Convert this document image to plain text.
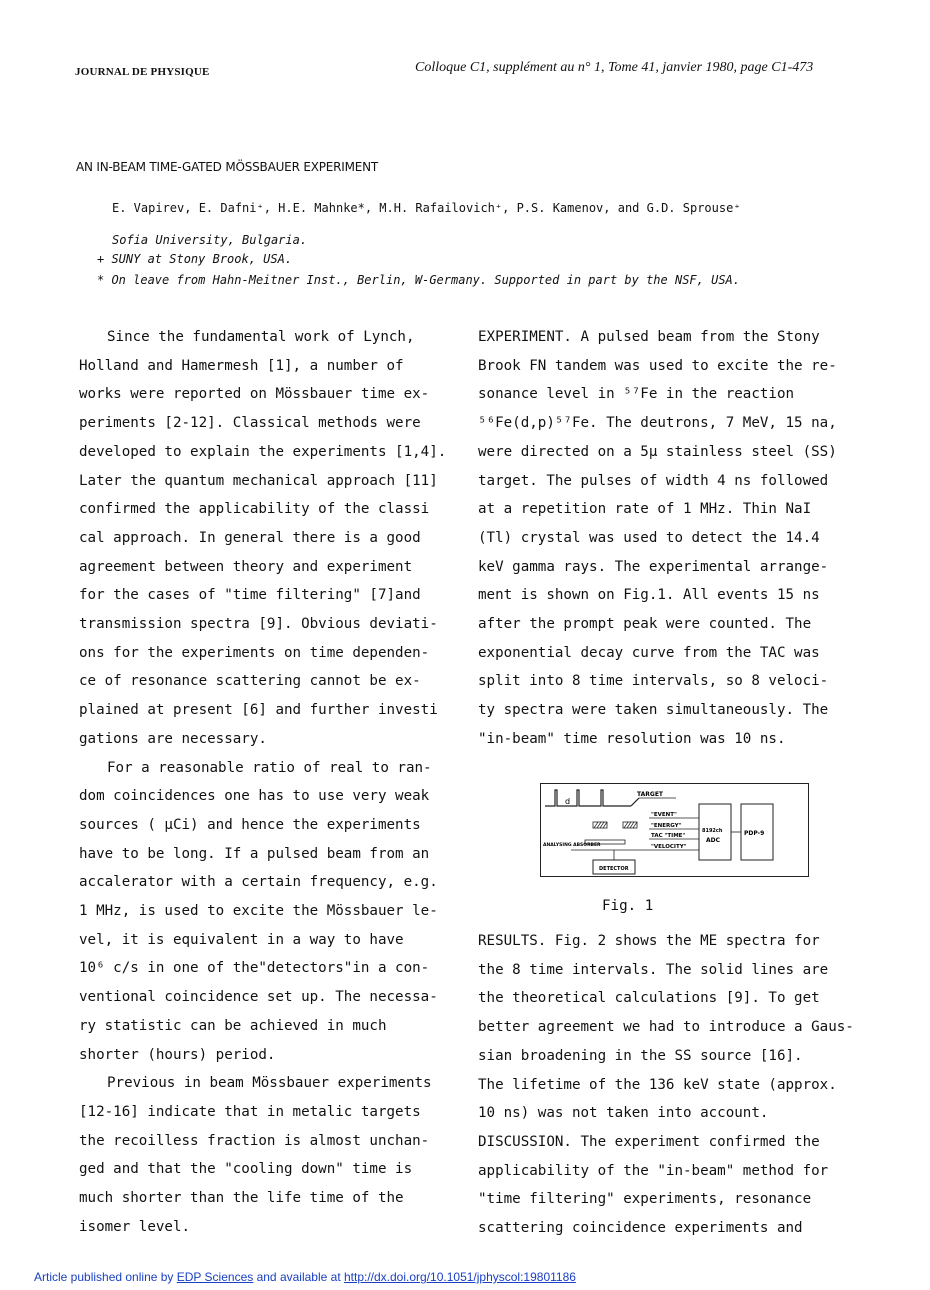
JOURNAL DE PHYSIQUE	Colloque C1, supplément au n° 1, Tome 41, janvier 1980, page C1-473
AN IN-BEAM TIME-GATED MÖSSBAUER EXPERIMENT
E. Vapirev, E. Dafni⁺, H.E. Mahnke*, M.H. Rafailovich⁺, P.S. Kamenov, and G.D. Sprouse⁺
Sofia University, Bulgaria.
+ SUNY at Stony Brook, USA.
* On leave from Hahn-Meitner Inst., Berlin, W-Germany. Supported in part by the NSF, USA.
Since the fundamental work of Lynch,
Holland and Hamermesh [1], a number of
works were reported on Mössbauer time ex-
periments [2-12]. Classical methods were
developed to explain the experiments [1,4].
Later the quantum mechanical approach [11]
confirmed the applicability of the classi
cal approach. In general there is a good
agreement between theory and experiment
for the cases of "time filtering" [7]and
transmission spectra [9]. Obvious deviati-
ons for the experiments on time dependen-
ce of resonance scattering cannot be ex-
plained at present [6] and further investi
gations are necessary.
For a reasonable ratio of real to ran-
dom coincidences one has to use very weak
sources ( μCi) and hence the experiments
have to be long. If a pulsed beam from an
accalerator with a certain frequency, e.g.
1 MHz, is used to excite the Mössbauer le-
vel, it is equivalent in a way to have
10⁶ c/s in one of the"detectors"in a con-
ventional coincidence set up. The necessa-
ry statistic can be achieved in much
shorter (hours) period.
Previous in beam Mössbauer experiments
[12-16] indicate that in metalic targets
the recoilless fraction is almost unchan-
ged and that the "cooling down" time is
much shorter than the life time of the
isomer level.
EXPERIMENT. A pulsed beam from the Stony
Brook FN tandem was used to excite the re-
sonance level in ⁵⁷Fe in the reaction
⁵⁶Fe(d,p)⁵⁷Fe. The deutrons, 7 MeV, 15 na,
were directed on a 5μ stainless steel (SS)
target. The pulses of width 4 ns followed
at a repetition rate of 1 MHz. Thin NaI
(Tl) crystal was used to detect the 14.4
keV gamma rays. The experimental arrange-
ment is shown on Fig.1. All events 15 ns
after the prompt peak were counted. The
exponential decay curve from the TAC was
split into 8 time intervals, so 8 veloci-
ty spectra were taken simultaneously. The
"in-beam" time resolution was 10 ns.
d
TARGET
"EVENT"
"ENERGY"
TAC "TIME"
"VELOCITY"
ANALYSING ABSORBER
DETECTOR
8192ch
ADC
PDP-9
Fig. 1
RESULTS. Fig. 2 shows the ME spectra for
the 8 time intervals. The solid lines are
the theoretical calculations [9]. To get
better agreement we had to introduce a Gaus-
sian broadening in the SS source [16].
The lifetime of the 136 keV state (approx.
10 ns) was not taken into account.
DISCUSSION. The experiment confirmed the
applicability of the "in-beam" method for
"time filtering" experiments, resonance
scattering coincidence experiments and
Article published online by EDP Sciences and available at http://dx.doi.org/10.1051/jphyscol:19801186
